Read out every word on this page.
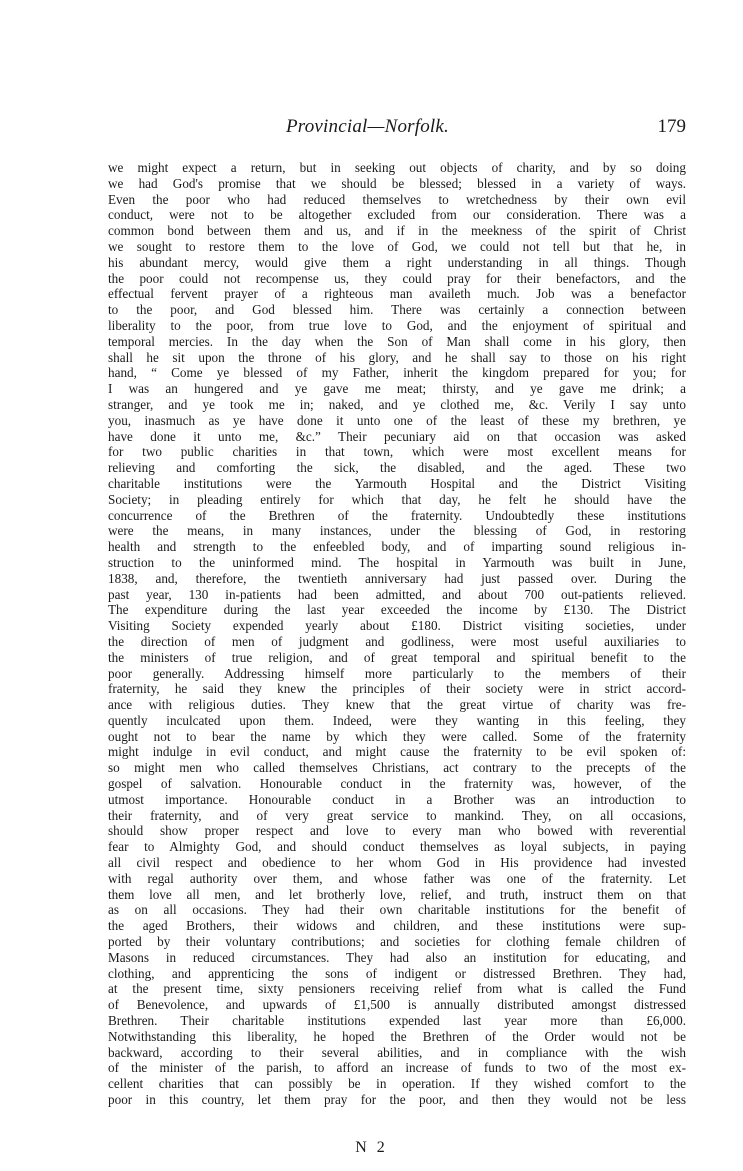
Provincial—Norfolk.	179
we might expect a return, but in seeking out objects of charity, and by so doing
we had God's promise that we should be blessed; blessed in a variety of ways.
Even the poor who had reduced themselves to wretchedness by their own evil
conduct, were not to be altogether excluded from our consideration. There was a
common bond between them and us, and if in the meekness of the spirit of Christ
we sought to restore them to the love of God, we could not tell but that he, in
his abundant mercy, would give them a right understanding in all things. Though
the poor could not recompense us, they could pray for their benefactors, and the
effectual fervent prayer of a righteous man availeth much. Job was a benefactor
to the poor, and God blessed him. There was certainly a connection between
liberality to the poor, from true love to God, and the enjoyment of spiritual and
temporal mercies. In the day when the Son of Man shall come in his glory, then
shall he sit upon the throne of his glory, and he shall say to those on his right
hand, “ Come ye blessed of my Father, inherit the kingdom prepared for you; for
I was an hungered and ye gave me meat; thirsty, and ye gave me drink; a
stranger, and ye took me in; naked, and ye clothed me, &c. Verily I say unto
you, inasmuch as ye have done it unto one of the least of these my brethren, ye
have done it unto me, &c.” Their pecuniary aid on that occasion was asked
for two public charities in that town, which were most excellent means for
relieving and comforting the sick, the disabled, and the aged. These two
charitable institutions were the Yarmouth Hospital and the District Visiting
Society; in pleading entirely for which that day, he felt he should have the
concurrence of the Brethren of the fraternity. Undoubtedly these institutions
were the means, in many instances, under the blessing of God, in restoring
health and strength to the enfeebled body, and of imparting sound religious in-
struction to the uninformed mind. The hospital in Yarmouth was built in June,
1838, and, therefore, the twentieth anniversary had just passed over. During the
past year, 130 in-patients had been admitted, and about 700 out-patients relieved.
The expenditure during the last year exceeded the income by £130. The District
Visiting Society expended yearly about £180. District visiting societies, under
the direction of men of judgment and godliness, were most useful auxiliaries to
the ministers of true religion, and of great temporal and spiritual benefit to the
poor generally. Addressing himself more particularly to the members of their
fraternity, he said they knew the principles of their society were in strict accord-
ance with religious duties. They knew that the great virtue of charity was fre-
quently inculcated upon them. Indeed, were they wanting in this feeling, they
ought not to bear the name by which they were called. Some of the fraternity
might indulge in evil conduct, and might cause the fraternity to be evil spoken of:
so might men who called themselves Christians, act contrary to the precepts of the
gospel of salvation. Honourable conduct in the fraternity was, however, of the
utmost importance. Honourable conduct in a Brother was an introduction to
their fraternity, and of very great service to mankind. They, on all occasions,
should show proper respect and love to every man who bowed with reverential
fear to Almighty God, and should conduct themselves as loyal subjects, in paying
all civil respect and obedience to her whom God in His providence had invested
with regal authority over them, and whose father was one of the fraternity. Let
them love all men, and let brotherly love, relief, and truth, instruct them on that
as on all occasions. They had their own charitable institutions for the benefit of
the aged Brothers, their widows and children, and these institutions were sup-
ported by their voluntary contributions; and societies for clothing female children of
Masons in reduced circumstances. They had also an institution for educating, and
clothing, and apprenticing the sons of indigent or distressed Brethren. They had,
at the present time, sixty pensioners receiving relief from what is called the Fund
of Benevolence, and upwards of £1,500 is annually distributed amongst distressed
Brethren. Their charitable institutions expended last year more than £6,000.
Notwithstanding this liberality, he hoped the Brethren of the Order would not be
backward, according to their several abilities, and in compliance with the wish
of the minister of the parish, to afford an increase of funds to two of the most ex-
cellent charities that can possibly be in operation. If they wished comfort to the
poor in this country, let them pray for the poor, and then they would not be less
N 2
